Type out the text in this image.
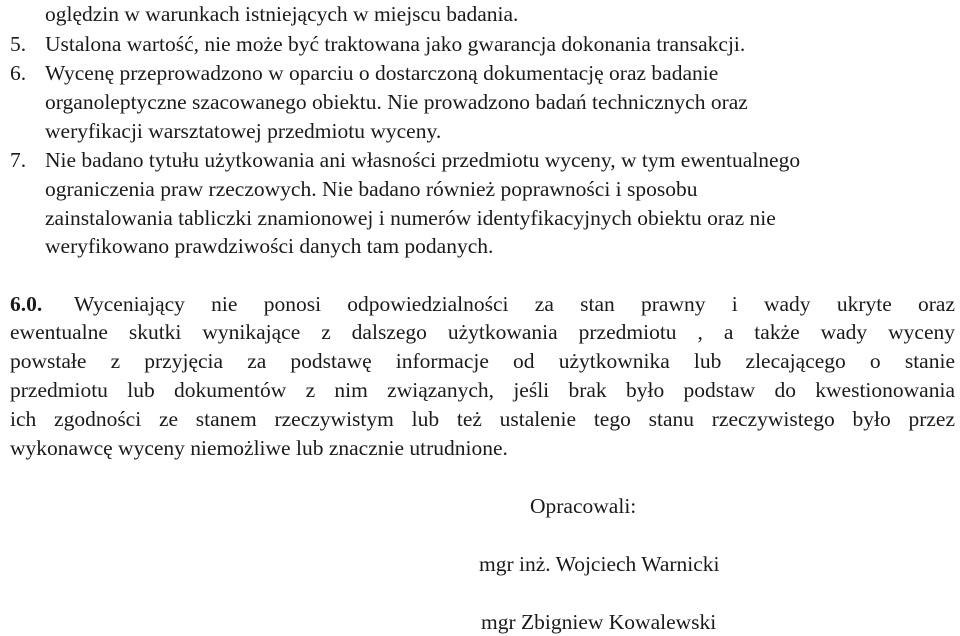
oględzin w warunkach istniejących w miejscu badania.
5. Ustalona wartość, nie może być traktowana jako gwarancja dokonania transakcji.
6. Wycenę przeprowadzono w oparciu o dostarczoną dokumentację oraz badanie
organoleptyczne szacowanego obiektu. Nie prowadzono badań technicznych oraz
weryfikacji warsztatowej przedmiotu wyceny.
7. Nie badano tytułu użytkowania ani własności przedmiotu wyceny, w tym ewentualnego
ograniczenia praw rzeczowych. Nie badano również poprawności i sposobu
zainstalowania tabliczki znamionowej i numerów identyfikacyjnych obiektu oraz nie
weryfikowano prawdziwości danych tam podanych.
6.0. Wyceniający nie ponosi odpowiedzialności za stan prawny i wady ukryte oraz
ewentualne skutki wynikające z dalszego użytkowania przedmiotu , a także wady wyceny
powstałe z przyjęcia za podstawę informacje od użytkownika lub zlecającego o stanie
przedmiotu lub dokumentów z nim związanych, jeśli brak było podstaw do kwestionowania
ich zgodności ze stanem rzeczywistym lub też ustalenie tego stanu rzeczywistego było przez
wykonawcę wyceny niemożliwe lub znacznie utrudnione.
Opracowali:
mgr inż. Wojciech Warnicki
mgr Zbigniew Kowalewski
